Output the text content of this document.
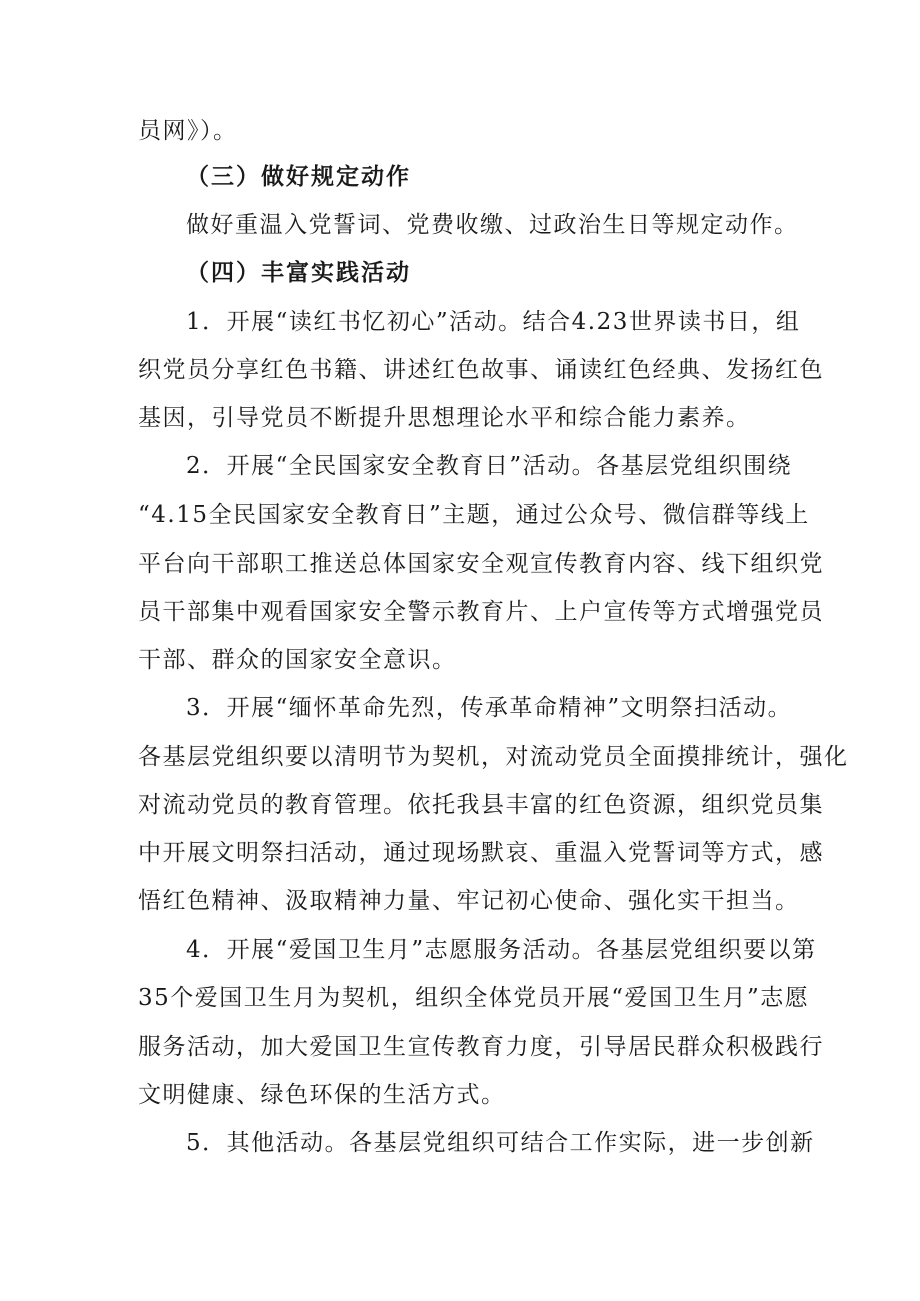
员网》）。
（三）做好规定动作
做好重温入党誓词、党费收缴、过政治生日等规定动作。
（四）丰富实践活动
1．开展“读红书忆初心”活动。结合4.23世界读书日，组
织党员分享红色书籍、讲述红色故事、诵读红色经典、发扬红色
基因，引导党员不断提升思想理论水平和综合能力素养。
2．开展“全民国家安全教育日”活动。各基层党组织围绕
“4.15全民国家安全教育日”主题，通过公众号、微信群等线上
平台向干部职工推送总体国家安全观宣传教育内容、线下组织党
员干部集中观看国家安全警示教育片、上户宣传等方式增强党员
干部、群众的国家安全意识。
3．开展“缅怀革命先烈，传承革命精神”文明祭扫活动。
各基层党组织要以清明节为契机，对流动党员全面摸排统计，强化
对流动党员的教育管理。依托我县丰富的红色资源，组织党员集
中开展文明祭扫活动，通过现场默哀、重温入党誓词等方式，感
悟红色精神、汲取精神力量、牢记初心使命、强化实干担当。
4．开展“爱国卫生月”志愿服务活动。各基层党组织要以第
35个爱国卫生月为契机，组织全体党员开展“爱国卫生月”志愿
服务活动，加大爱国卫生宣传教育力度，引导居民群众积极践行
文明健康、绿色环保的生活方式。
5．其他活动。各基层党组织可结合工作实际，进一步创新
